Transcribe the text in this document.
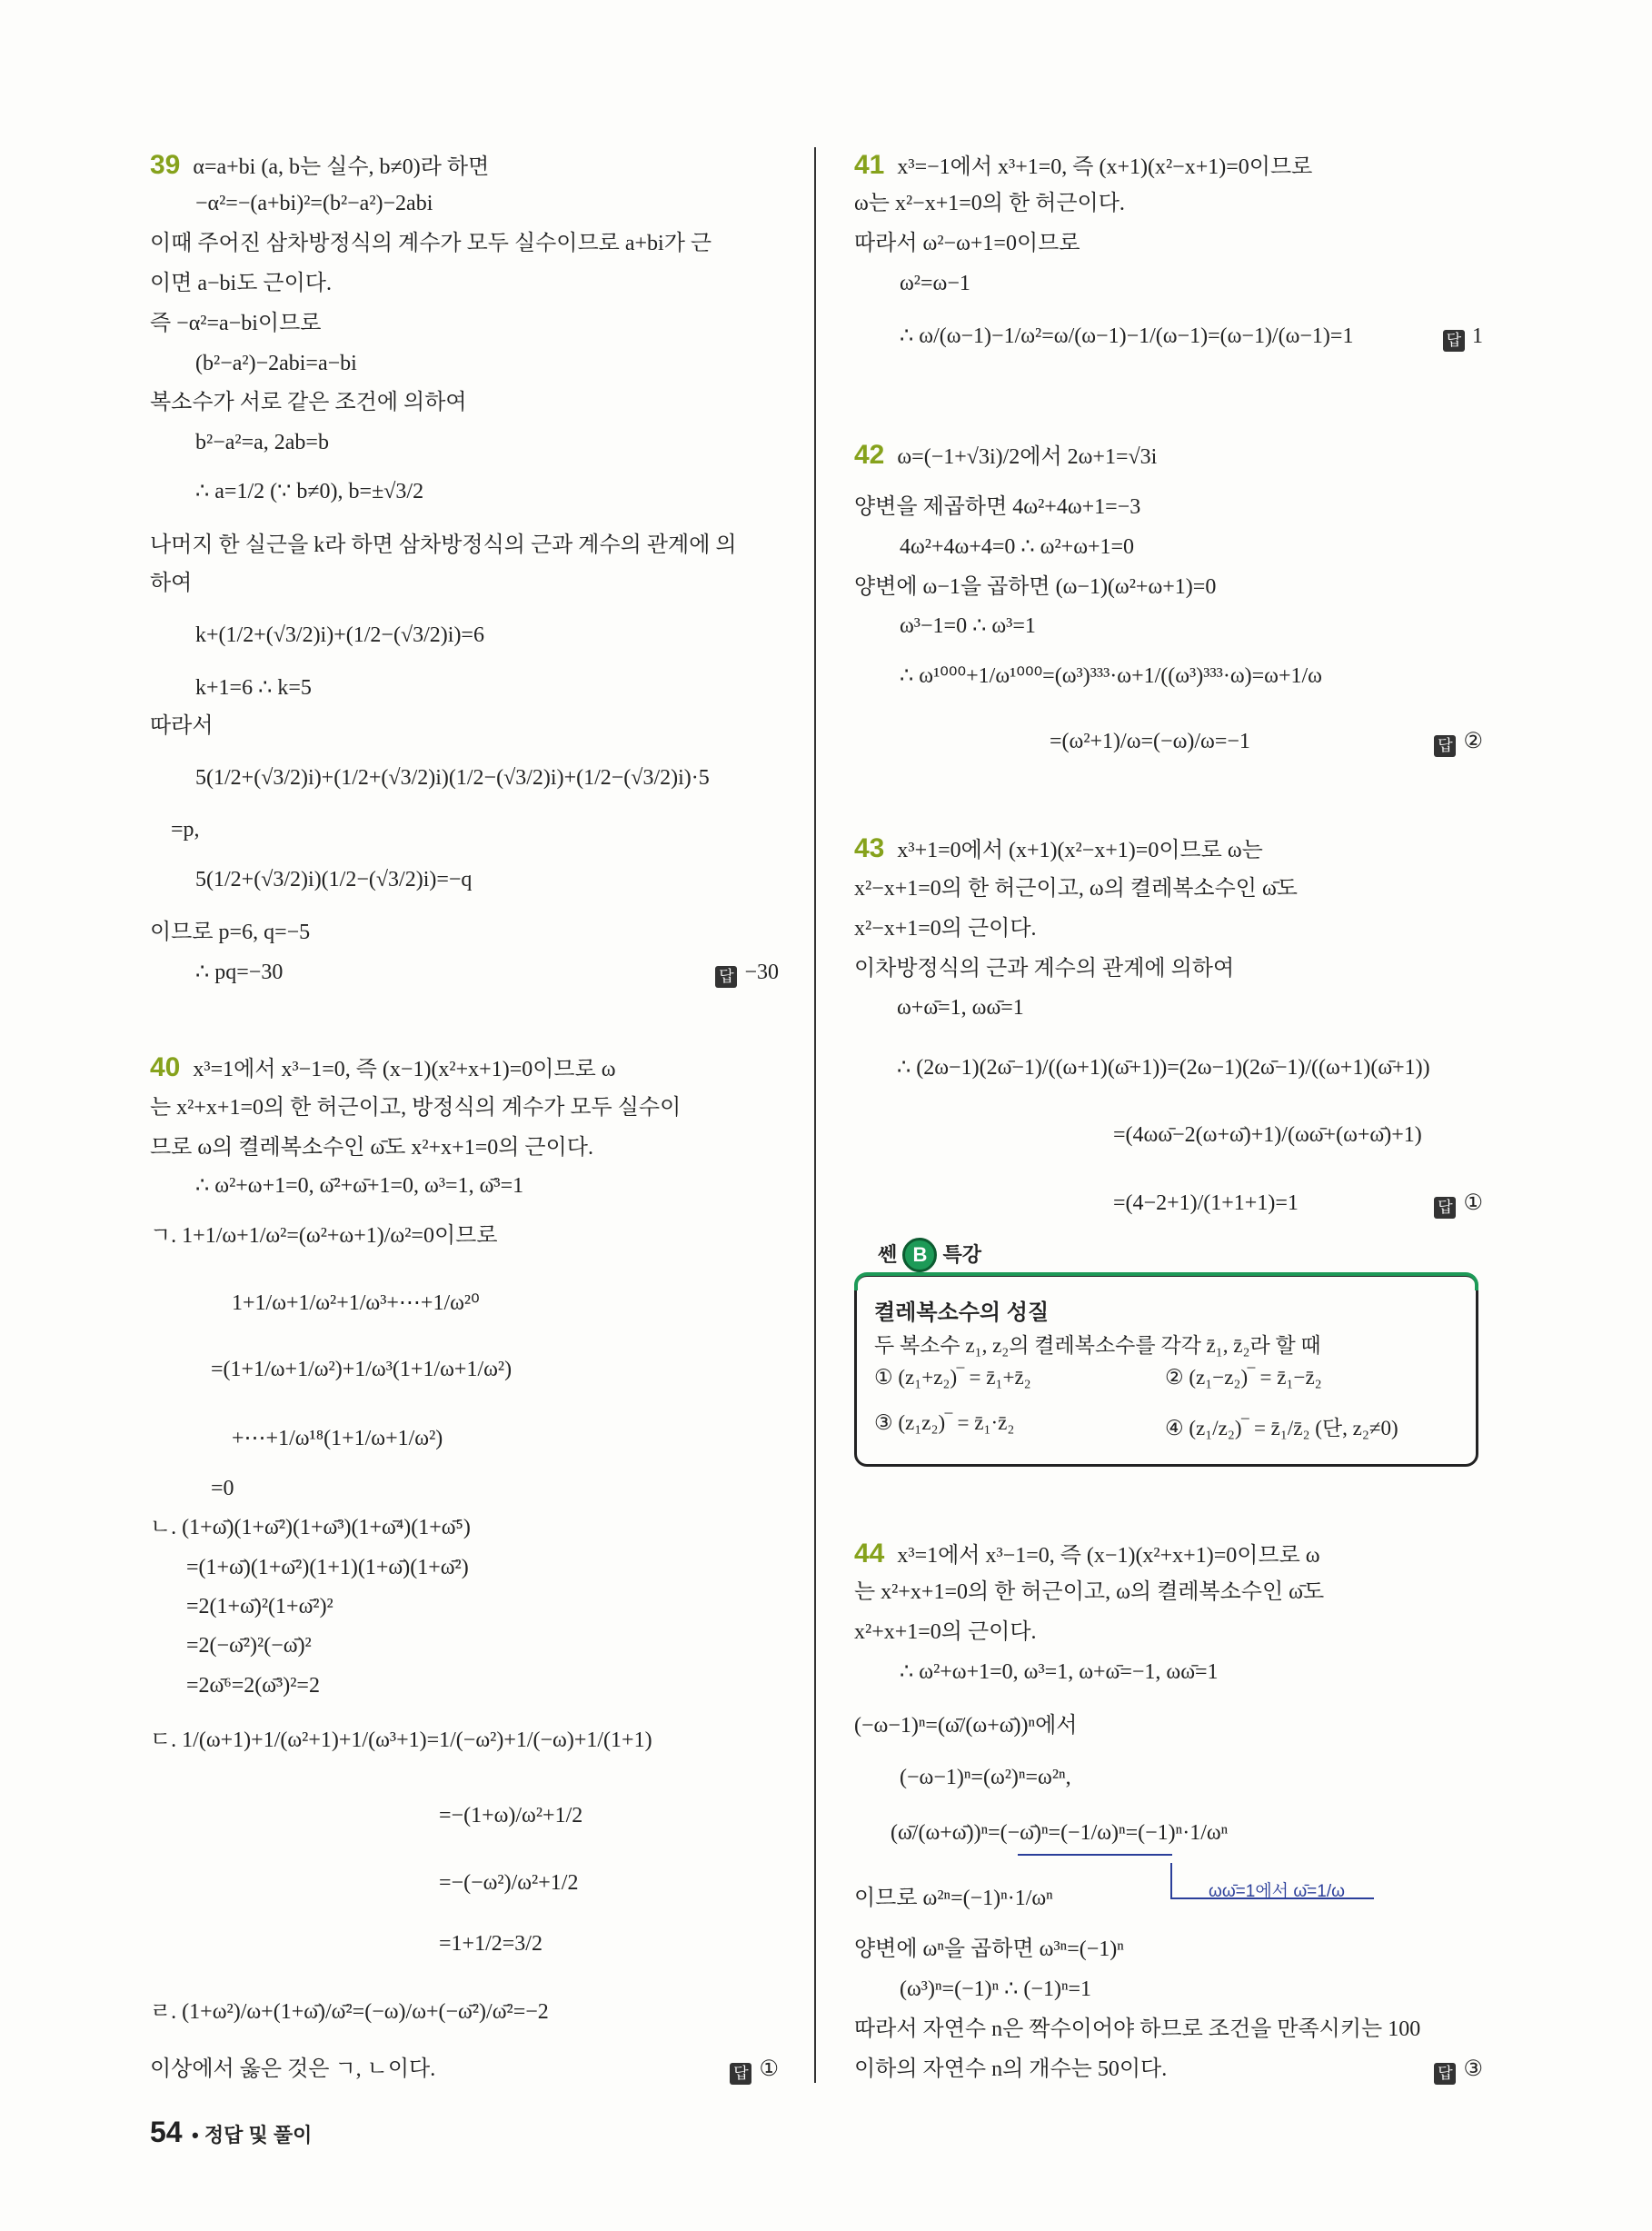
쎈 B 특강
켤레복소수의 성질
두 복소수 z₁, z₂의 켤레복소수를 각각 z̄₁, z̄₂라 할 때
① (z₁+z₂)‾ = z̄₁+z̄₂	② (z₁−z₂)‾ = z̄₁−z̄₂
③ (z₁z₂)‾ = z̄₁·z̄₂	④ (z₁/z₂)‾ = z̄₁/z̄₂ (단, z₂≠0)
ωω̄=1에서 ω̄=1/ω
54 • 정답 및 풀이
39 α=a+bi (a, b는 실수, b≠0)라 하면
−α²=−(a+bi)²=(b²−a²)−2abi
이때 주어진 삼차방정식의 계수가 모두 실수이므로 a+bi가 근
이면 a−bi도 근이다.
즉 −α²=a−bi이므로
(b²−a²)−2abi=a−bi
복소수가 서로 같은 조건에 의하여
b²−a²=a, 2ab=b
∴ a=1/2 (∵ b≠0), b=±√3/2
나머지 한 실근을 k라 하면 삼차방정식의 근과 계수의 관계에 의
하여
k+(1/2+(√3/2)i)+(1/2−(√3/2)i)=6
k+1=6 ∴ k=5
따라서
5(1/2+(√3/2)i)+(1/2+(√3/2)i)(1/2−(√3/2)i)+(1/2−(√3/2)i)·5
=p,
5(1/2+(√3/2)i)(1/2−(√3/2)i)=−q
이므로 p=6, q=−5
∴ pq=−30	답 −30
40 x³=1에서 x³−1=0, 즉 (x−1)(x²+x+1)=0이므로 ω
는 x²+x+1=0의 한 허근이고, 방정식의 계수가 모두 실수이
므로 ω의 켤레복소수인 ω̄도 x²+x+1=0의 근이다.
∴ ω²+ω+1=0, ω̄²+ω̄+1=0, ω³=1, ω̄³=1
ㄱ. 1+1/ω+1/ω²=(ω²+ω+1)/ω²=0이므로
1+1/ω+1/ω²+1/ω³+⋯+1/ω²⁰
=(1+1/ω+1/ω²)+1/ω³(1+1/ω+1/ω²)
+⋯+1/ω¹⁸(1+1/ω+1/ω²)
=0
ㄴ. (1+ω̄)(1+ω̄²)(1+ω̄³)(1+ω̄⁴)(1+ω̄⁵)
=(1+ω̄)(1+ω̄²)(1+1)(1+ω̄)(1+ω̄²)
=2(1+ω̄)²(1+ω̄²)²
=2(−ω̄²)²(−ω̄)²
=2ω̄⁶=2(ω̄³)²=2
ㄷ. 1/(ω+1)+1/(ω²+1)+1/(ω³+1)=1/(−ω²)+1/(−ω)+1/(1+1)
=−(1+ω)/ω²+1/2
=−(−ω²)/ω²+1/2
=1+1/2=3/2
ㄹ. (1+ω²)/ω+(1+ω̄)/ω̄²=(−ω)/ω+(−ω̄²)/ω̄²=−2
이상에서 옳은 것은 ㄱ, ㄴ이다.	답 ①
41 x³=−1에서 x³+1=0, 즉 (x+1)(x²−x+1)=0이므로
ω는 x²−x+1=0의 한 허근이다.
따라서 ω²−ω+1=0이므로
ω²=ω−1
∴ ω/(ω−1)−1/ω²=ω/(ω−1)−1/(ω−1)=(ω−1)/(ω−1)=1	답 1
42 ω=(−1+√3i)/2에서 2ω+1=√3i
양변을 제곱하면 4ω²+4ω+1=−3
4ω²+4ω+4=0 ∴ ω²+ω+1=0
양변에 ω−1을 곱하면 (ω−1)(ω²+ω+1)=0
ω³−1=0 ∴ ω³=1
∴ ω¹⁰⁰⁰+1/ω¹⁰⁰⁰=(ω³)³³³·ω+1/((ω³)³³³·ω)=ω+1/ω
=(ω²+1)/ω=(−ω)/ω=−1	답 ②
43 x³+1=0에서 (x+1)(x²−x+1)=0이므로 ω는
x²−x+1=0의 한 허근이고, ω의 켤레복소수인 ω̄도
x²−x+1=0의 근이다.
이차방정식의 근과 계수의 관계에 의하여
ω+ω̄=1, ωω̄=1
∴ (2ω−1)(2ω̄−1)/((ω+1)(ω̄+1))=(2ω−1)(2ω̄−1)/((ω+1)(ω̄+1))
=(4ωω̄−2(ω+ω̄)+1)/(ωω̄+(ω+ω̄)+1)
=(4−2+1)/(1+1+1)=1	답 ①
44 x³=1에서 x³−1=0, 즉 (x−1)(x²+x+1)=0이므로 ω
는 x²+x+1=0의 한 허근이고, ω의 켤레복소수인 ω̄도
x²+x+1=0의 근이다.
∴ ω²+ω+1=0, ω³=1, ω+ω̄=−1, ωω̄=1
(−ω−1)ⁿ=(ω̄/(ω+ω̄))ⁿ에서
(−ω−1)ⁿ=(ω²)ⁿ=ω²ⁿ,
(ω̄/(ω+ω̄))ⁿ=(−ω̄)ⁿ=(−1/ω)ⁿ=(−1)ⁿ·1/ωⁿ
이므로 ω²ⁿ=(−1)ⁿ·1/ωⁿ
양변에 ωⁿ을 곱하면 ω³ⁿ=(−1)ⁿ
(ω³)ⁿ=(−1)ⁿ ∴ (−1)ⁿ=1
따라서 자연수 n은 짝수이어야 하므로 조건을 만족시키는 100
이하의 자연수 n의 개수는 50이다.	답 ③
